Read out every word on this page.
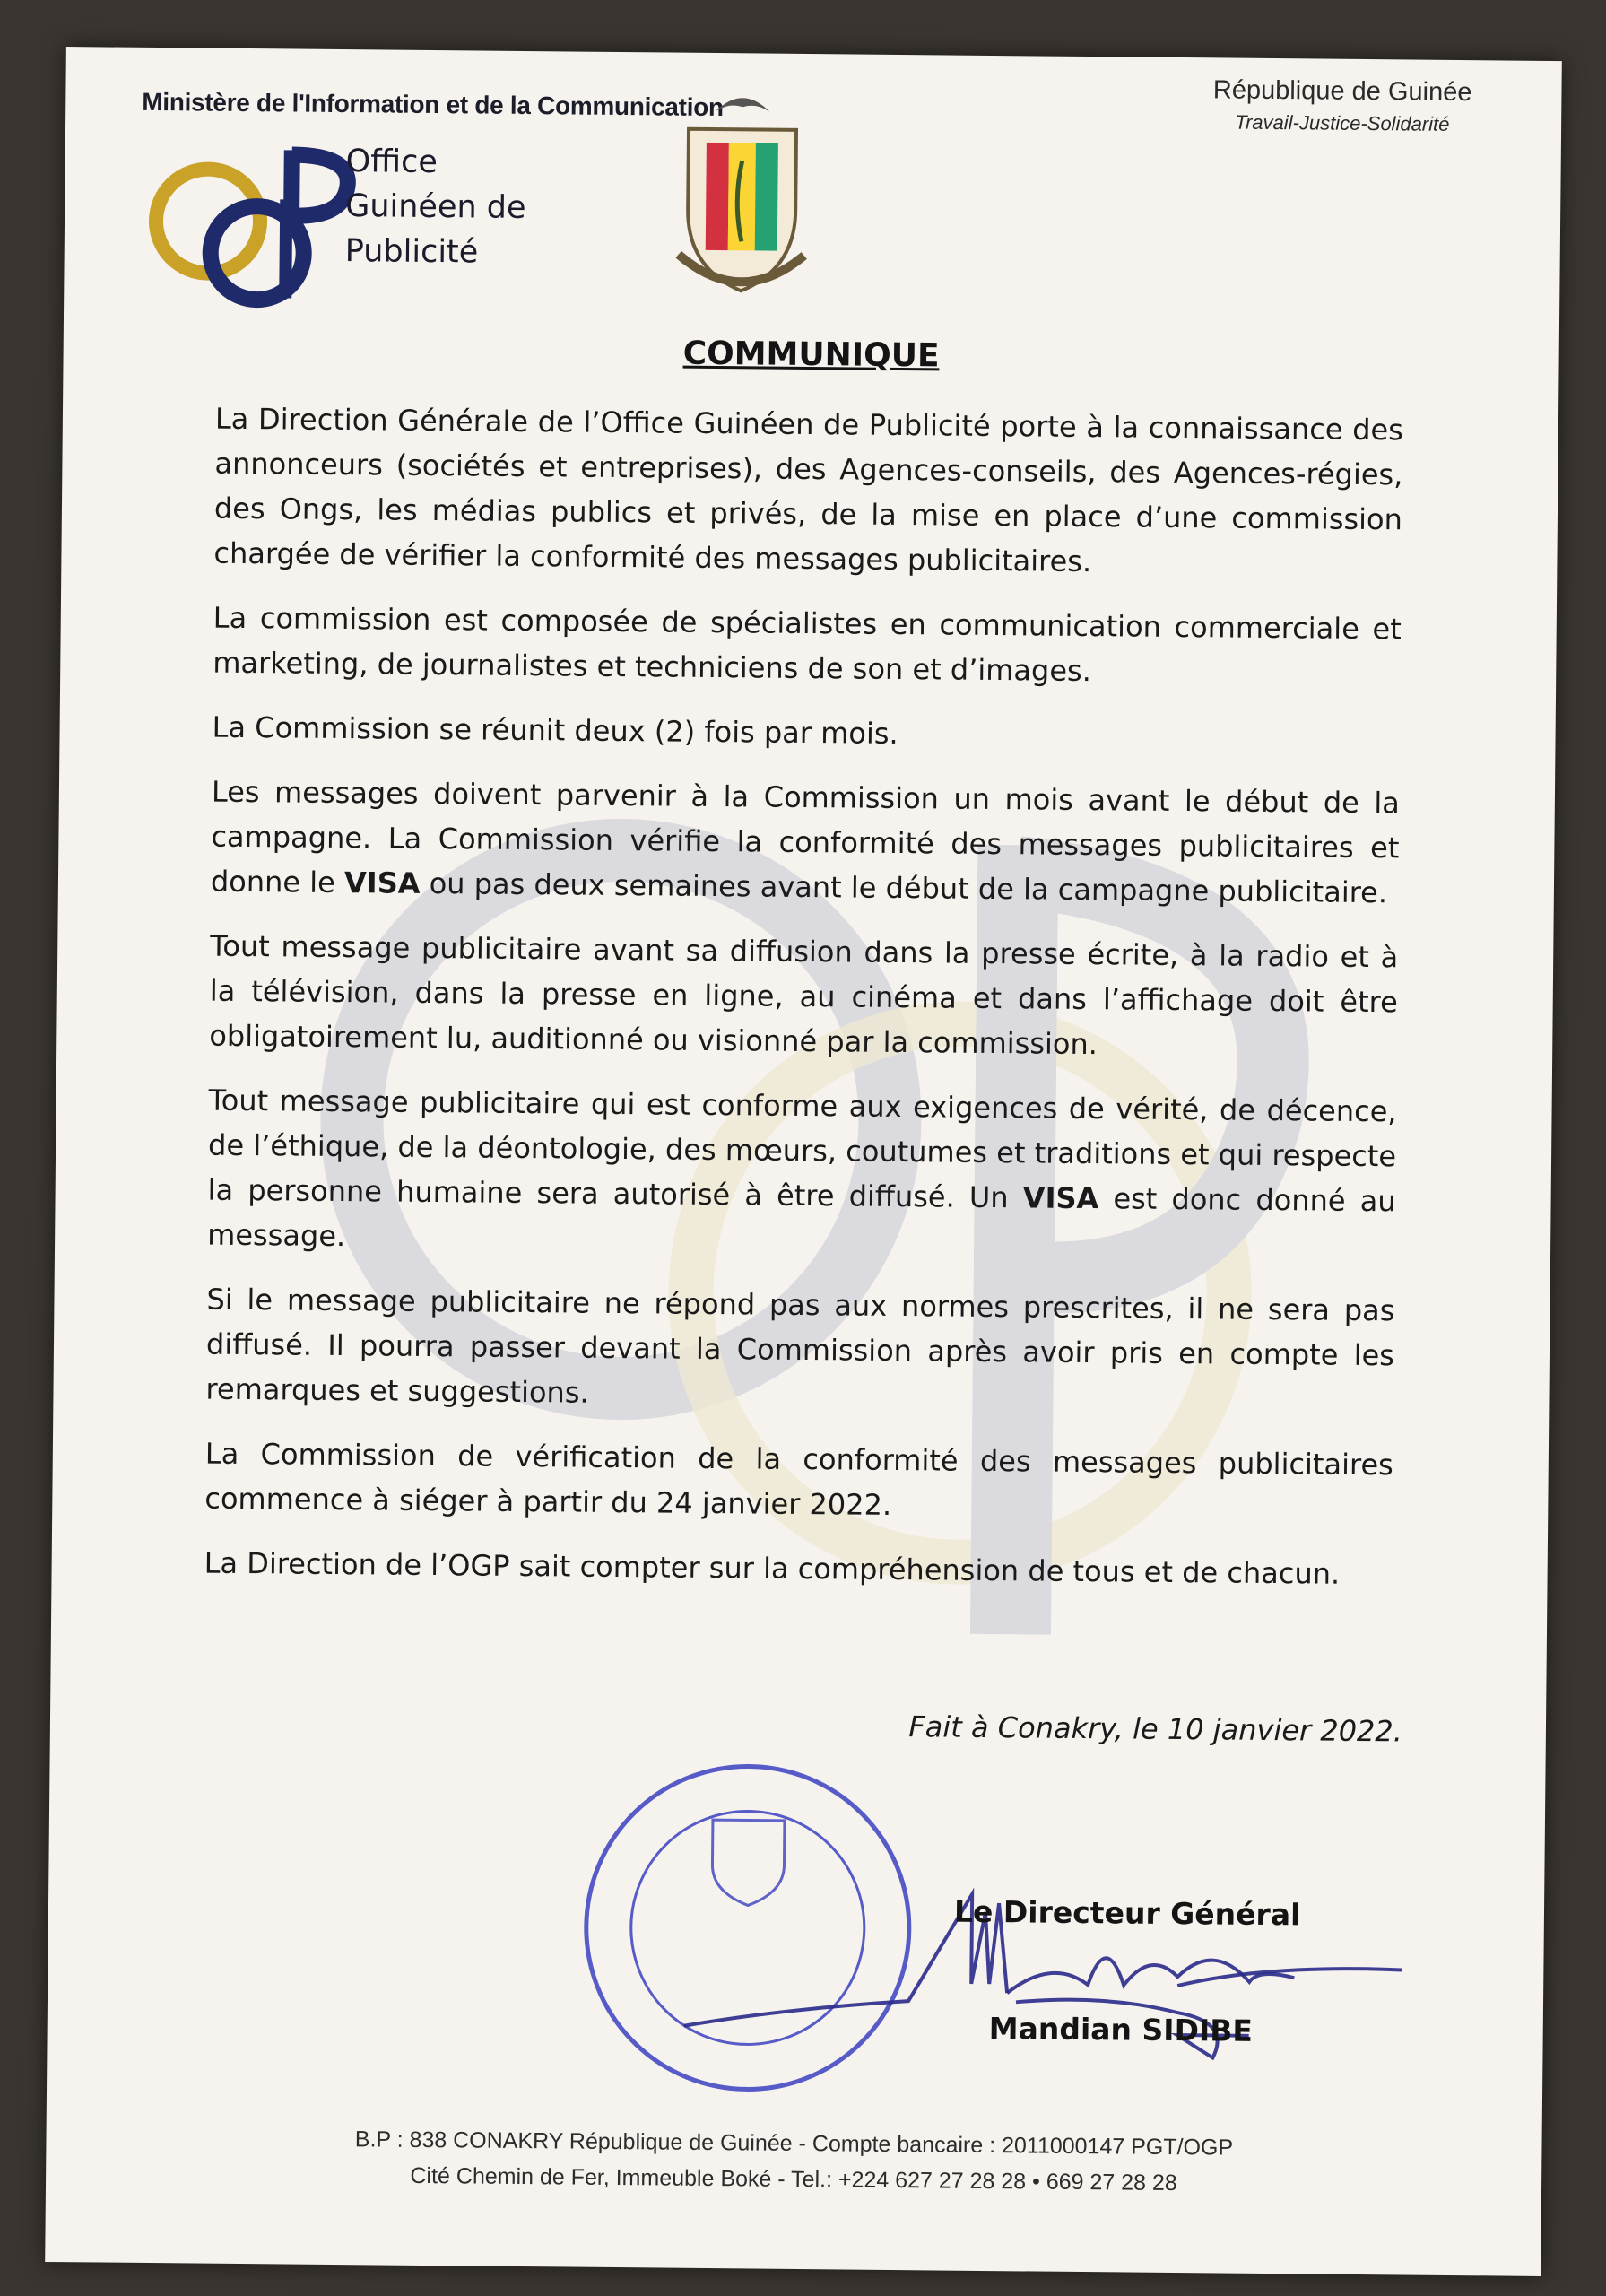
Ministère de l'Information et de la Communication
Office
Guinéen de
Publicité
République de Guinée
Travail-Justice-Solidarité
COMMUNIQUE

La Direction Générale de l’Office Guinéen de Publicité porte à la connaissance des annonceurs (sociétés et entreprises), des Agences-conseils, des Agences-régies, des Ongs, les médias publics et privés, de la mise en place d’une commission chargée de vérifier la conformité des messages publicitaires.

La commission est composée de spécialistes en communication commerciale et marketing, de journalistes et techniciens de son et d’images.

La Commission se réunit deux (2) fois par mois.

Les messages doivent parvenir à la Commission un mois avant le début de la campagne. La Commission vérifie la conformité des messages publicitaires et donne le VISA ou pas deux semaines avant le début de la campagne publicitaire.

Tout message publicitaire avant sa diffusion dans la presse écrite, à la radio et à la télévision, dans la presse en ligne, au cinéma et dans l’affichage doit être obligatoirement lu, auditionné ou visionné par la commission.

Tout message publicitaire qui est conforme aux exigences de vérité, de décence, de l’éthique, de la déontologie, des mœurs, coutumes et traditions et qui respecte la personne humaine sera autorisé à être diffusé. Un VISA est donc donné au message.

Si le message publicitaire ne répond pas aux normes prescrites, il ne sera pas diffusé. Il pourra passer devant la Commission après avoir pris en compte les remarques et suggestions.

La Commission de vérification de la conformité des messages publicitaires commence à siéger à partir du 24 janvier 2022.

La Direction de l’OGP sait compter sur la compréhension de tous et de chacun.

Fait à Conakry, le 10 janvier 2022.
Le Directeur Général
Mandian SIDIBE
B.P : 838 CONAKRY République de Guinée - Compte bancaire : 2011000147 PGT/OGP
Cité Chemin de Fer, Immeuble Boké - Tel.: +224 627 27 28 28 • 669 27 28 28
